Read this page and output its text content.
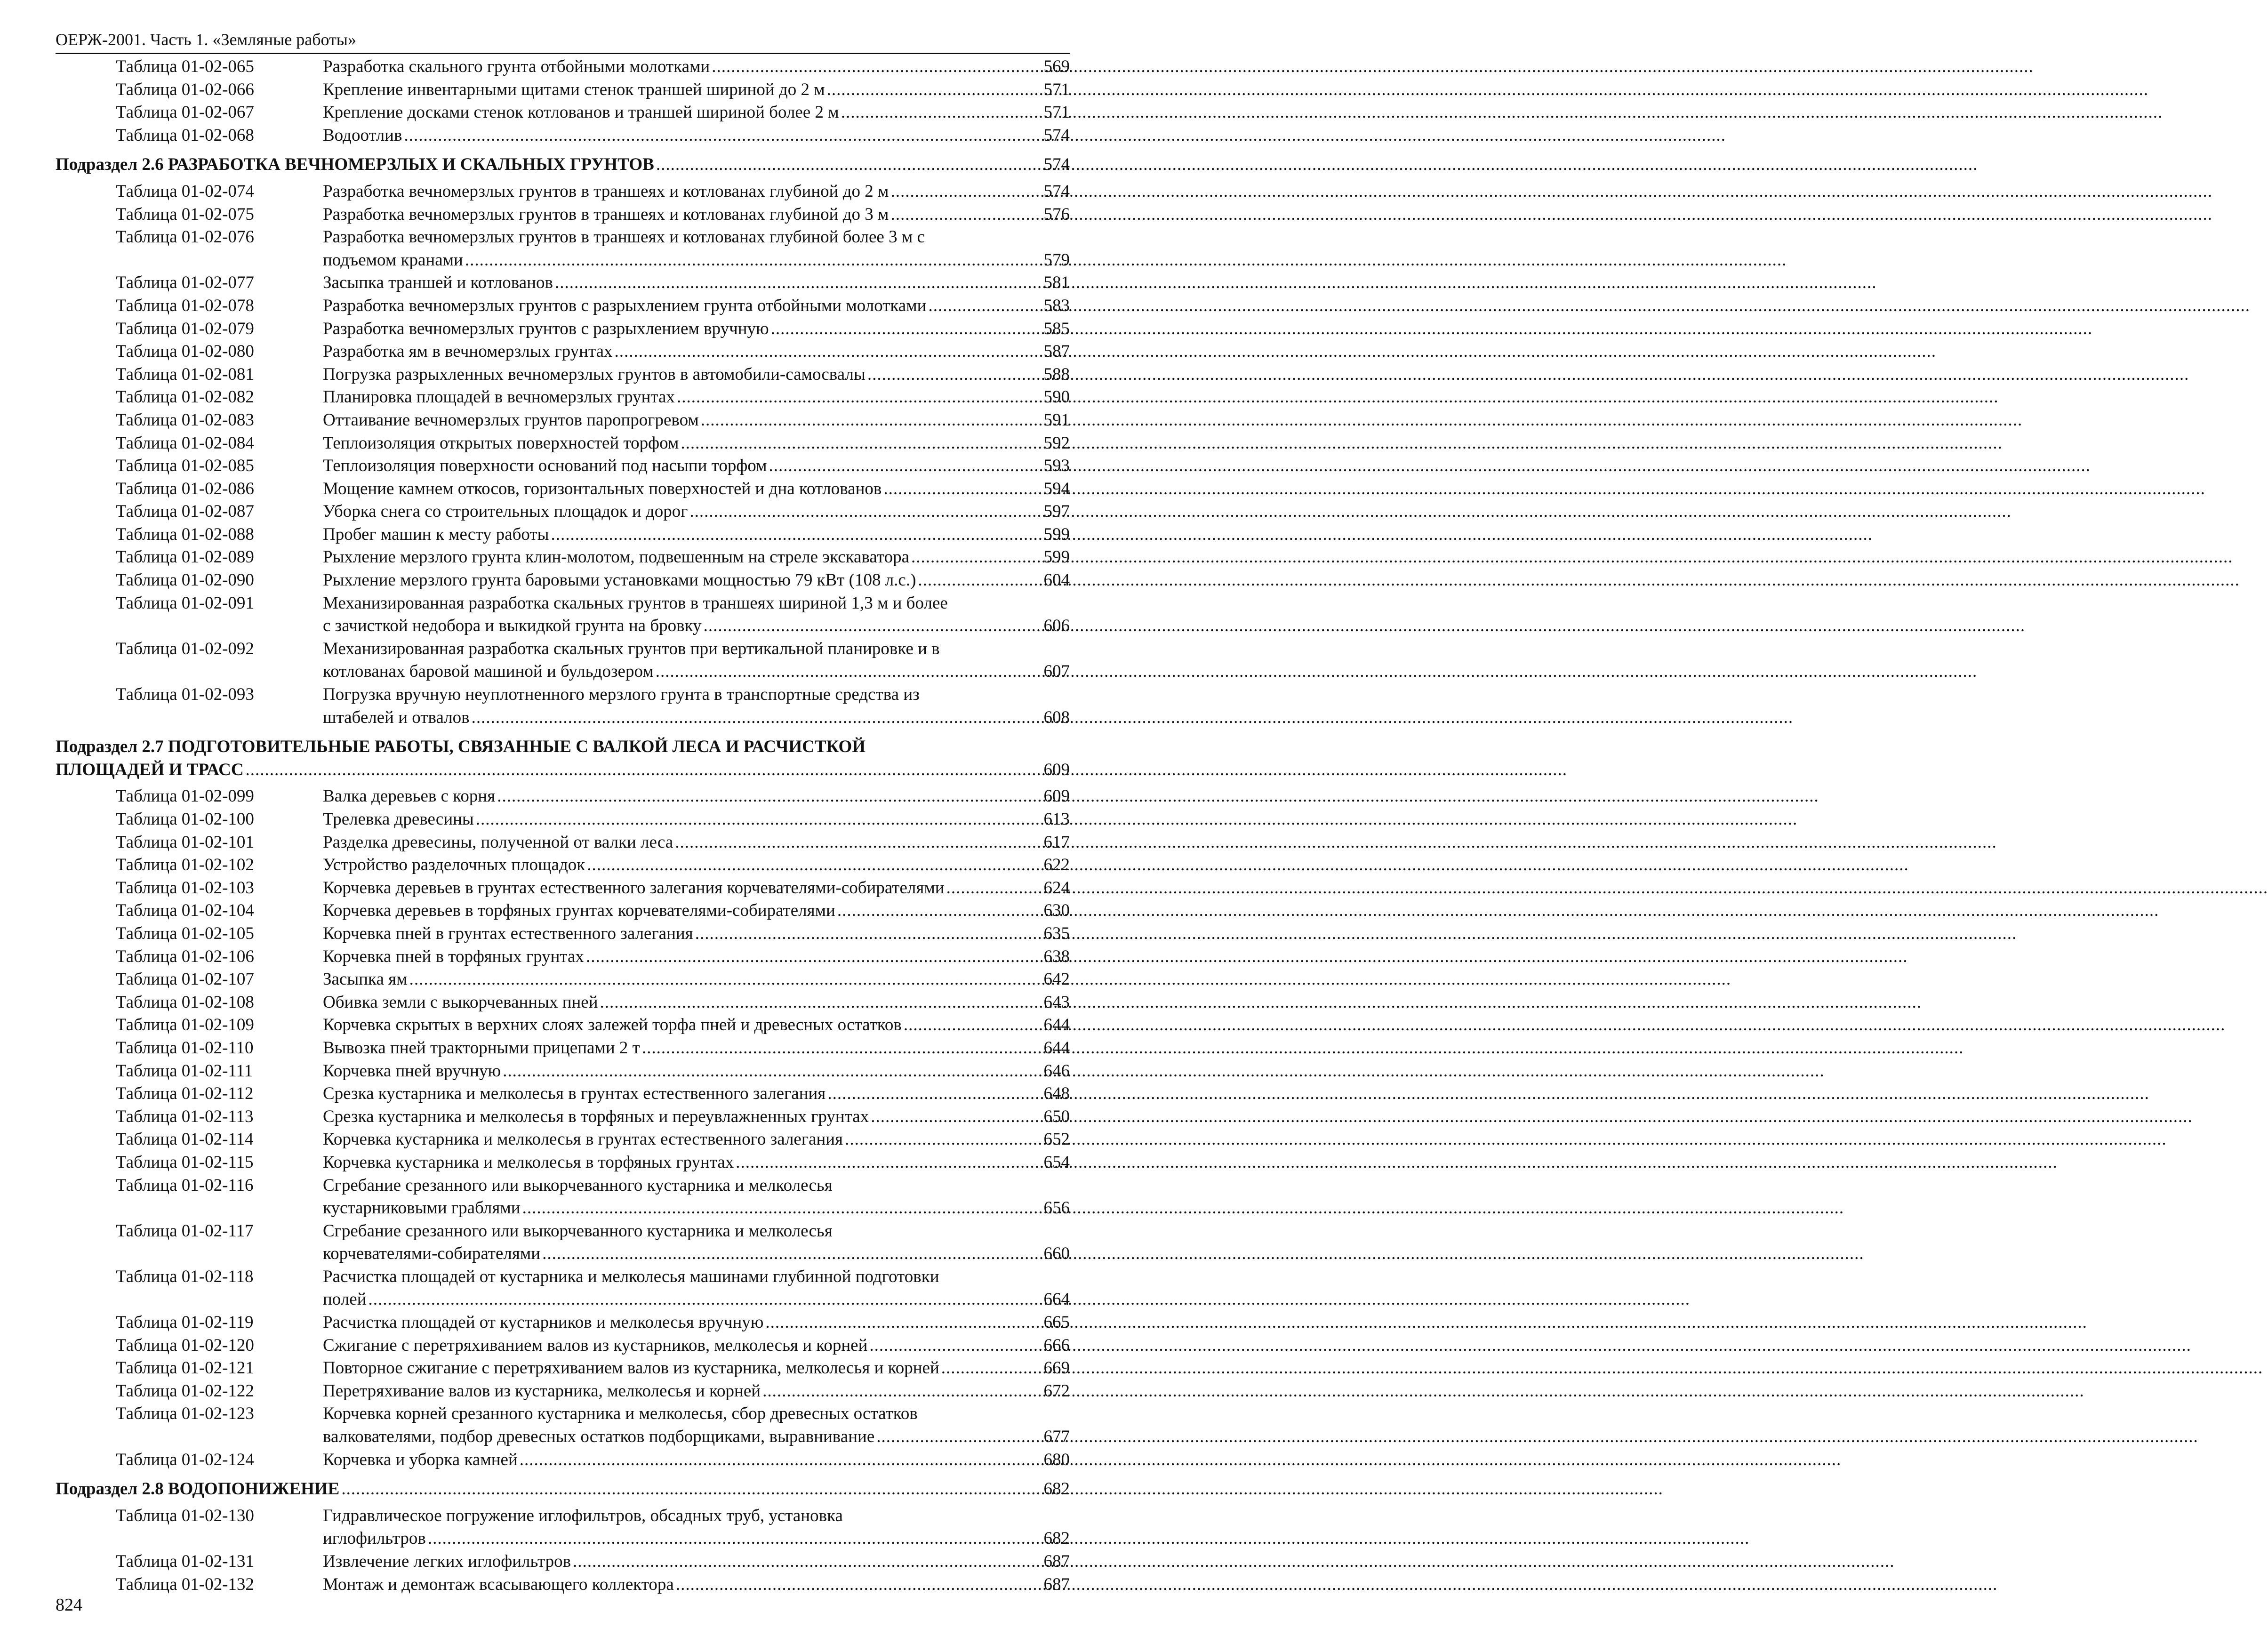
ОЕРЖ-2001. Часть 1. «Земляные работы»
Таблица 01-02-065	Разработка скального грунта отбойными молотками .....	569
Таблица 01-02-066	Крепление инвентарными щитами стенок траншей шириной до 2 м .....	571
Таблица 01-02-067	Крепление досками стенок котлованов и траншей шириной более 2 м .....	571
Таблица 01-02-068	Водоотлив .....	574
Подраздел 2.6 РАЗРАБОТКА ВЕЧНОМЕРЗЛЫХ И СКАЛЬНЫХ ГРУНТОВ .....	574
Таблица 01-02-074	Разработка вечномерзлых грунтов в траншеях и котлованах глубиной до 2 м .....	574
Таблица 01-02-075	Разработка вечномерзлых грунтов в траншеях и котлованах глубиной до 3 м .....	576
Таблица 01-02-076	Разработка вечномерзлых грунтов в траншеях и котлованах глубиной более 3 м с
подъемом кранами .....	579
Таблица 01-02-077	Засыпка траншей и котлованов .....	581
Таблица 01-02-078	Разработка вечномерзлых грунтов с разрыхлением грунта отбойными молотками .....	583
Таблица 01-02-079	Разработка вечномерзлых грунтов с разрыхлением вручную .....	585
Таблица 01-02-080	Разработка ям в вечномерзлых грунтах .....	587
Таблица 01-02-081	Погрузка разрыхленных вечномерзлых грунтов в автомобили-самосвалы .....	588
Таблица 01-02-082	Планировка площадей в вечномерзлых грунтах .....	590
Таблица 01-02-083	Оттаивание вечномерзлых грунтов паропрогревом .....	591
Таблица 01-02-084	Теплоизоляция открытых поверхностей торфом .....	592
Таблица 01-02-085	Теплоизоляция поверхности оснований под насыпи торфом .....	593
Таблица 01-02-086	Мощение камнем откосов, горизонтальных поверхностей и дна котлованов .....	594
Таблица 01-02-087	Уборка снега со строительных площадок и дорог .....	597
Таблица 01-02-088	Пробег машин к месту работы .....	599
Таблица 01-02-089	Рыхление мерзлого грунта клин-молотом, подвешенным на стреле экскаватора .....	599
Таблица 01-02-090	Рыхление мерзлого грунта баровыми установками мощностью 79 кВт (108 л.с.) .....	604
Таблица 01-02-091	Механизированная разработка скальных грунтов в траншеях шириной 1,3 м и более
с зачисткой недобора и выкидкой грунта на бровку .....	606
Таблица 01-02-092	Механизированная разработка скальных грунтов при вертикальной планировке и в
котлованах баровой машиной и бульдозером .....	607
Таблица 01-02-093	Погрузка вручную неуплотненного мерзлого грунта в транспортные средства из
штабелей и отвалов .....	608
Подраздел 2.7 ПОДГОТОВИТЕЛЬНЫЕ РАБОТЫ, СВЯЗАННЫЕ С ВАЛКОЙ ЛЕСА И РАСЧИСТКОЙ
ПЛОЩАДЕЙ И ТРАСС .....	609
Таблица 01-02-099	Валка деревьев с корня .....	609
Таблица 01-02-100	Трелевка древесины .....	613
Таблица 01-02-101	Разделка древесины, полученной от валки леса .....	617
Таблица 01-02-102	Устройство разделочных площадок .....	622
Таблица 01-02-103	Корчевка деревьев в грунтах естественного залегания корчевателями-собирателями .....	624
Таблица 01-02-104	Корчевка деревьев в торфяных грунтах корчевателями-собирателями .....	630
Таблица 01-02-105	Корчевка пней в грунтах естественного залегания .....	635
Таблица 01-02-106	Корчевка пней в торфяных грунтах .....	638
Таблица 01-02-107	Засыпка ям .....	642
Таблица 01-02-108	Обивка земли с выкорчеванных пней .....	643
Таблица 01-02-109	Корчевка скрытых в верхних слоях залежей торфа пней и древесных остатков .....	644
Таблица 01-02-110	Вывозка пней тракторными прицепами 2 т .....	644
Таблица 01-02-111	Корчевка пней вручную .....	646
Таблица 01-02-112	Срезка кустарника и мелколесья в грунтах естественного залегания .....	648
Таблица 01-02-113	Срезка кустарника и мелколесья в торфяных и переувлажненных грунтах .....	650
Таблица 01-02-114	Корчевка кустарника и мелколесья в грунтах естественного залегания .....	652
Таблица 01-02-115	Корчевка кустарника и мелколесья в торфяных грунтах .....	654
Таблица 01-02-116	Сгребание срезанного или выкорчеванного кустарника и мелколесья
кустарниковыми граблями .....	656
Таблица 01-02-117	Сгребание срезанного или выкорчеванного кустарника и мелколесья
корчевателями-собирателями .....	660
Таблица 01-02-118	Расчистка площадей от кустарника и мелколесья машинами глубинной подготовки
полей .....	664
Таблица 01-02-119	Расчистка площадей от кустарников и мелколесья вручную .....	665
Таблица 01-02-120	Сжигание с перетряхиванием валов из кустарников, мелколесья и корней .....	666
Таблица 01-02-121	Повторное сжигание с перетряхиванием валов из кустарника, мелколесья и корней .....	669
Таблица 01-02-122	Перетряхивание валов из кустарника, мелколесья и корней .....	672
Таблица 01-02-123	Корчевка корней срезанного кустарника и мелколесья, сбор древесных остатков
валкователями, подбор древесных остатков подборщиками, выравнивание .....	677
Таблица 01-02-124	Корчевка и уборка камней .....	680
Подраздел 2.8 ВОДОПОНИЖЕНИЕ .....	682
Таблица 01-02-130	Гидравлическое погружение иглофильтров, обсадных труб, установка
иглофильтров .....	682
Таблица 01-02-131	Извлечение легких иглофильтров .....	687
Таблица 01-02-132	Монтаж и демонтаж всасывающего коллектора .....	687
824
